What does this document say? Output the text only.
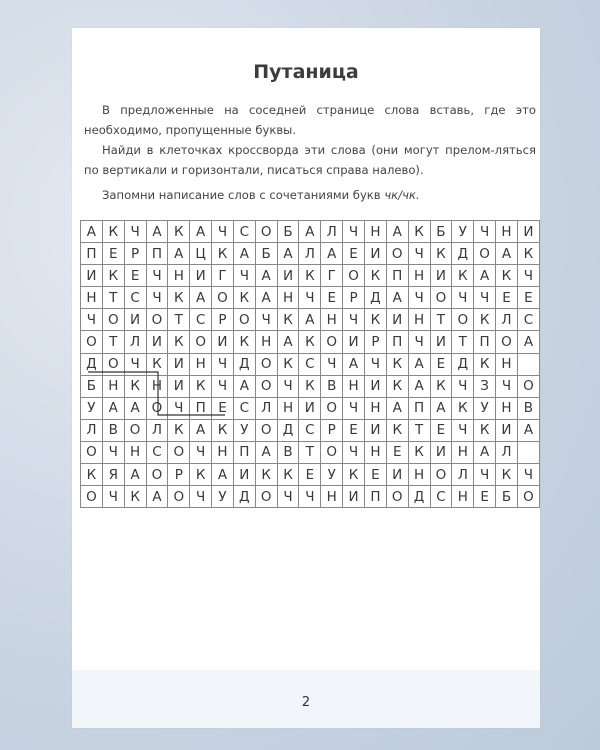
Путаница
В предложенные на соседней странице слова вставь, где это необходимо, пропущенные буквы.
Найди в клеточках кроссворда эти слова (они могут прелом-ляться по вертикали и горизонтали, писаться справа налево).
Запомни написание слов с сочетаниями букв чк/чк.
А	К	Ч	А	К	А	Ч	С	О	Б	А	Л	Ч	Н	А	К	Б	У	Ч	Н	И
П	Е	Р	П	А	Ц	К	А	Б	А	Л	А	Е	И	О	Ч	К	Д	О	А	К
И	К	Е	Ч	Н	И	Г	Ч	А	И	К	Г	О	К	П	Н	И	К	А	К	Ч
Н	Т	С	Ч	К	А	О	К	А	Н	Ч	Е	Р	Д	А	Ч	О	Ч	Ч	Е	Е
Ч	О	И	О	Т	С	Р	О	Ч	К	А	Н	Ч	К	И	Н	Т	О	К	Л	С
О	Т	Л	И	К	О	И	К	Н	А	К	О	И	Р	П	Ч	И	Т	П	О	А
Д	О	Ч	К	И	Н	Ч	Д	О	К	С	Ч	А	Ч	К	А	Е	Д	К	Н	
Б	Н	К	Н	И	К	Ч	А	О	Ч	К	В	Н	И	К	А	К	Ч	З	Ч	О
У	А	А	О	Ч	П	Е	С	Л	Н	И	О	Ч	Н	А	П	А	К	У	Н	В
Л	В	О	Л	К	А	К	У	О	Д	С	Р	Е	И	К	Т	Е	Ч	К	И	А
О	Ч	Н	С	О	Ч	Н	П	А	В	Т	О	Ч	Н	Е	К	И	Н	А	Л	
К	Я	А	О	Р	К	А	И	К	К	Е	У	К	Е	И	Н	О	Л	Ч	К	Ч
О	Ч	К	А	О	Ч	У	Д	О	Ч	Ч	Н	И	П	О	Д	С	Н	Е	Б	О
2
